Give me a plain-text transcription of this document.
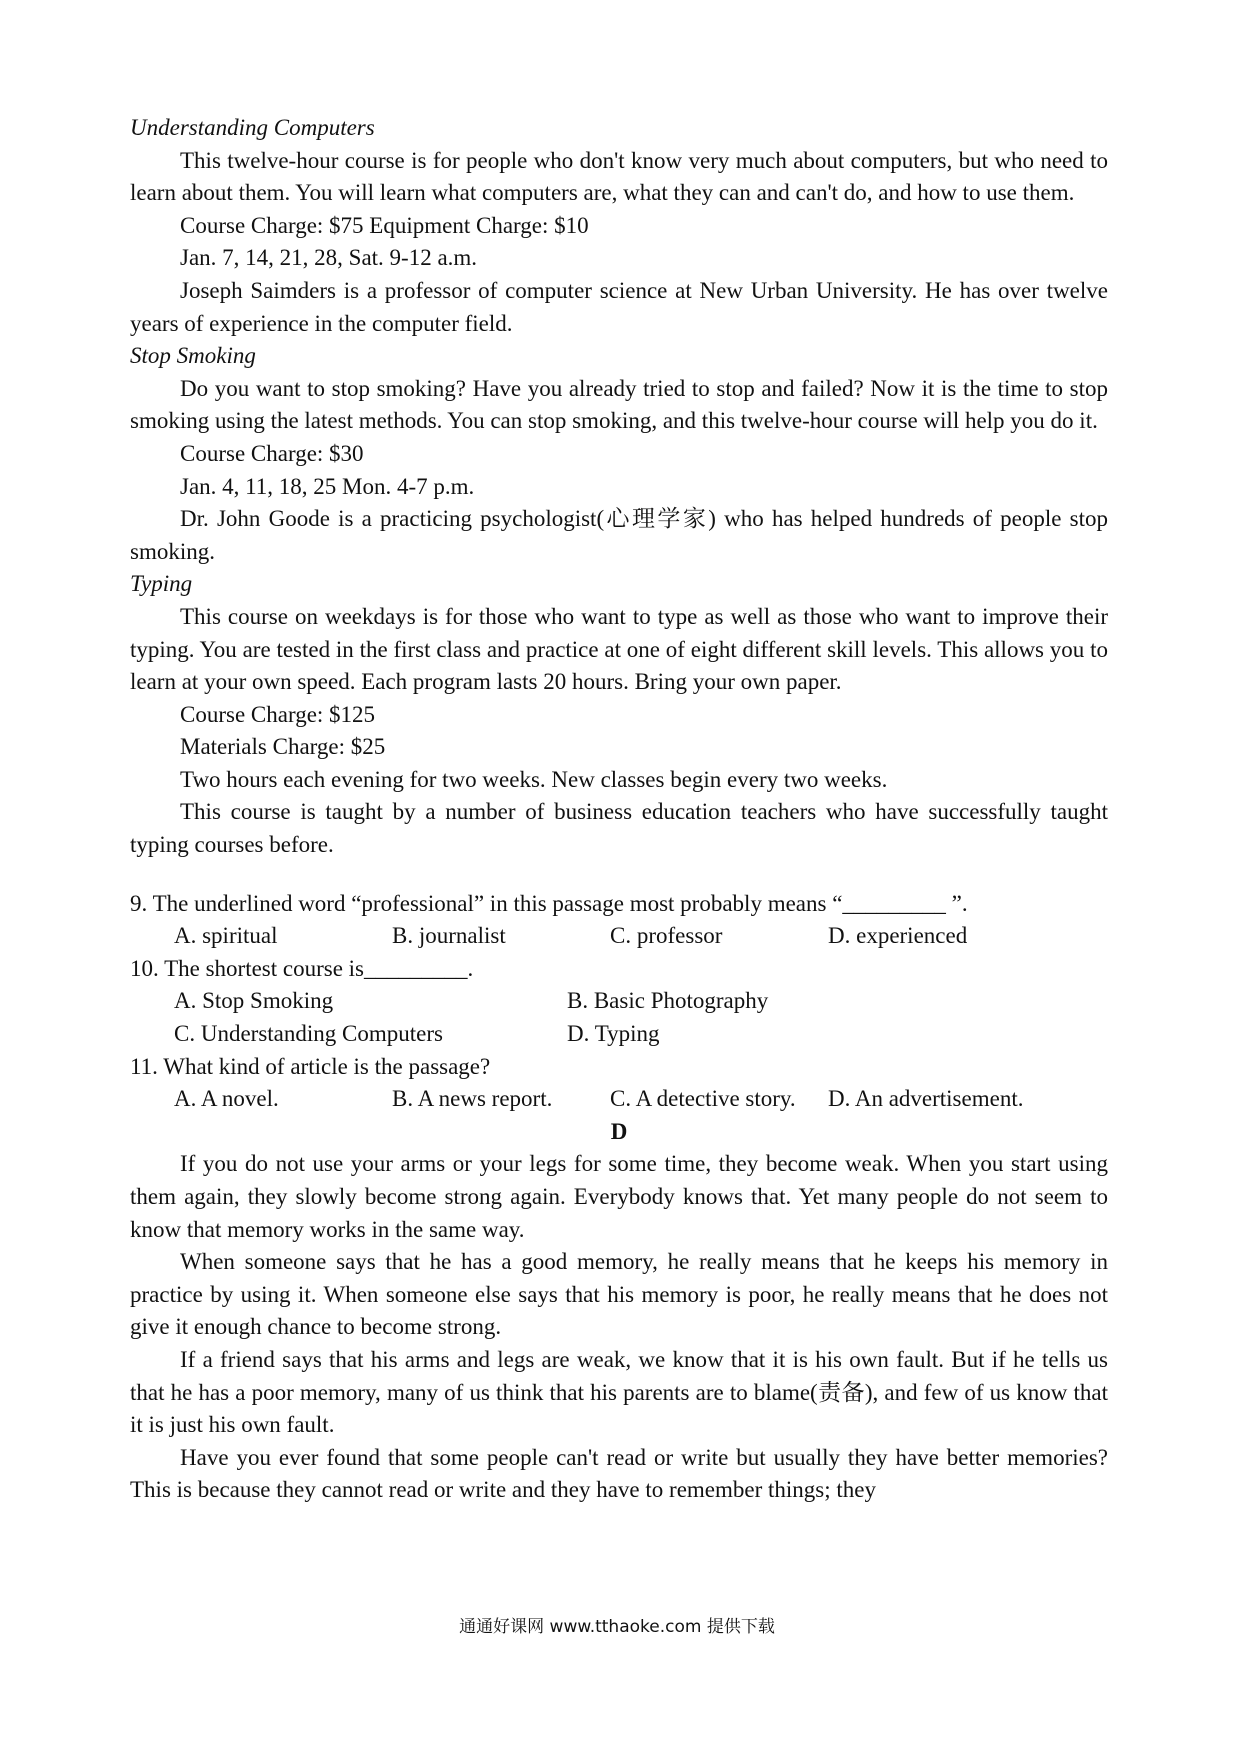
Understanding Computers

This twelve-hour course is for people who don't know very much about computers, but who need to learn about them. You will learn what computers are, what they can and can't do, and how to use them.

Course Charge: $75 Equipment Charge: $10
Jan. 7, 14, 21, 28, Sat. 9-12 a.m.

Joseph Saimders is a professor of computer science at New Urban University. He has over twelve years of experience in the computer field.

Stop Smoking

Do you want to stop smoking? Have you already tried to stop and failed? Now it is the time to stop smoking using the latest methods. You can stop smoking, and this twelve-hour course will help you do it.

Course Charge: $30
Jan. 4, 11, 18, 25 Mon. 4-7 p.m.

Dr. John Goode is a practicing psychologist(心理学家) who has helped hundreds of people stop smoking.

Typing

This course on weekdays is for those who want to type as well as those who want to improve their typing. You are tested in the first class and practice at one of eight different skill levels. This allows you to learn at your own speed. Each program lasts 20 hours. Bring your own paper.

Course Charge: $125
Materials Charge: $25
Two hours each evening for two weeks. New classes begin every two weeks.

This course is taught by a number of business education teachers who have successfully taught typing courses before.

9. The underlined word “professional” in this passage most probably means “_________ ”.
A. spiritual	B. journalist	C. professor	D. experienced
10. The shortest course is_________.
A. Stop Smoking	B. Basic Photography
C. Understanding Computers	D. Typing
11. What kind of article is the passage?
A. A novel.	B. A news report.	C. A detective story.	D. An advertisement.
D

If you do not use your arms or your legs for some time, they become weak. When you start using them again, they slowly become strong again. Everybody knows that. Yet many people do not seem to know that memory works in the same way.

When someone says that he has a good memory, he really means that he keeps his memory in practice by using it. When someone else says that his memory is poor, he really means that he does not give it enough chance to become strong.

If a friend says that his arms and legs are weak, we know that it is his own fault. But if he tells us that he has a poor memory, many of us think that his parents are to blame(责备), and few of us know that it is just his own fault.

Have you ever found that some people can't read or write but usually they have better memories? This is because they cannot read or write and they have to remember things; they

通通好课网 www.tthaoke.com 提供下载
